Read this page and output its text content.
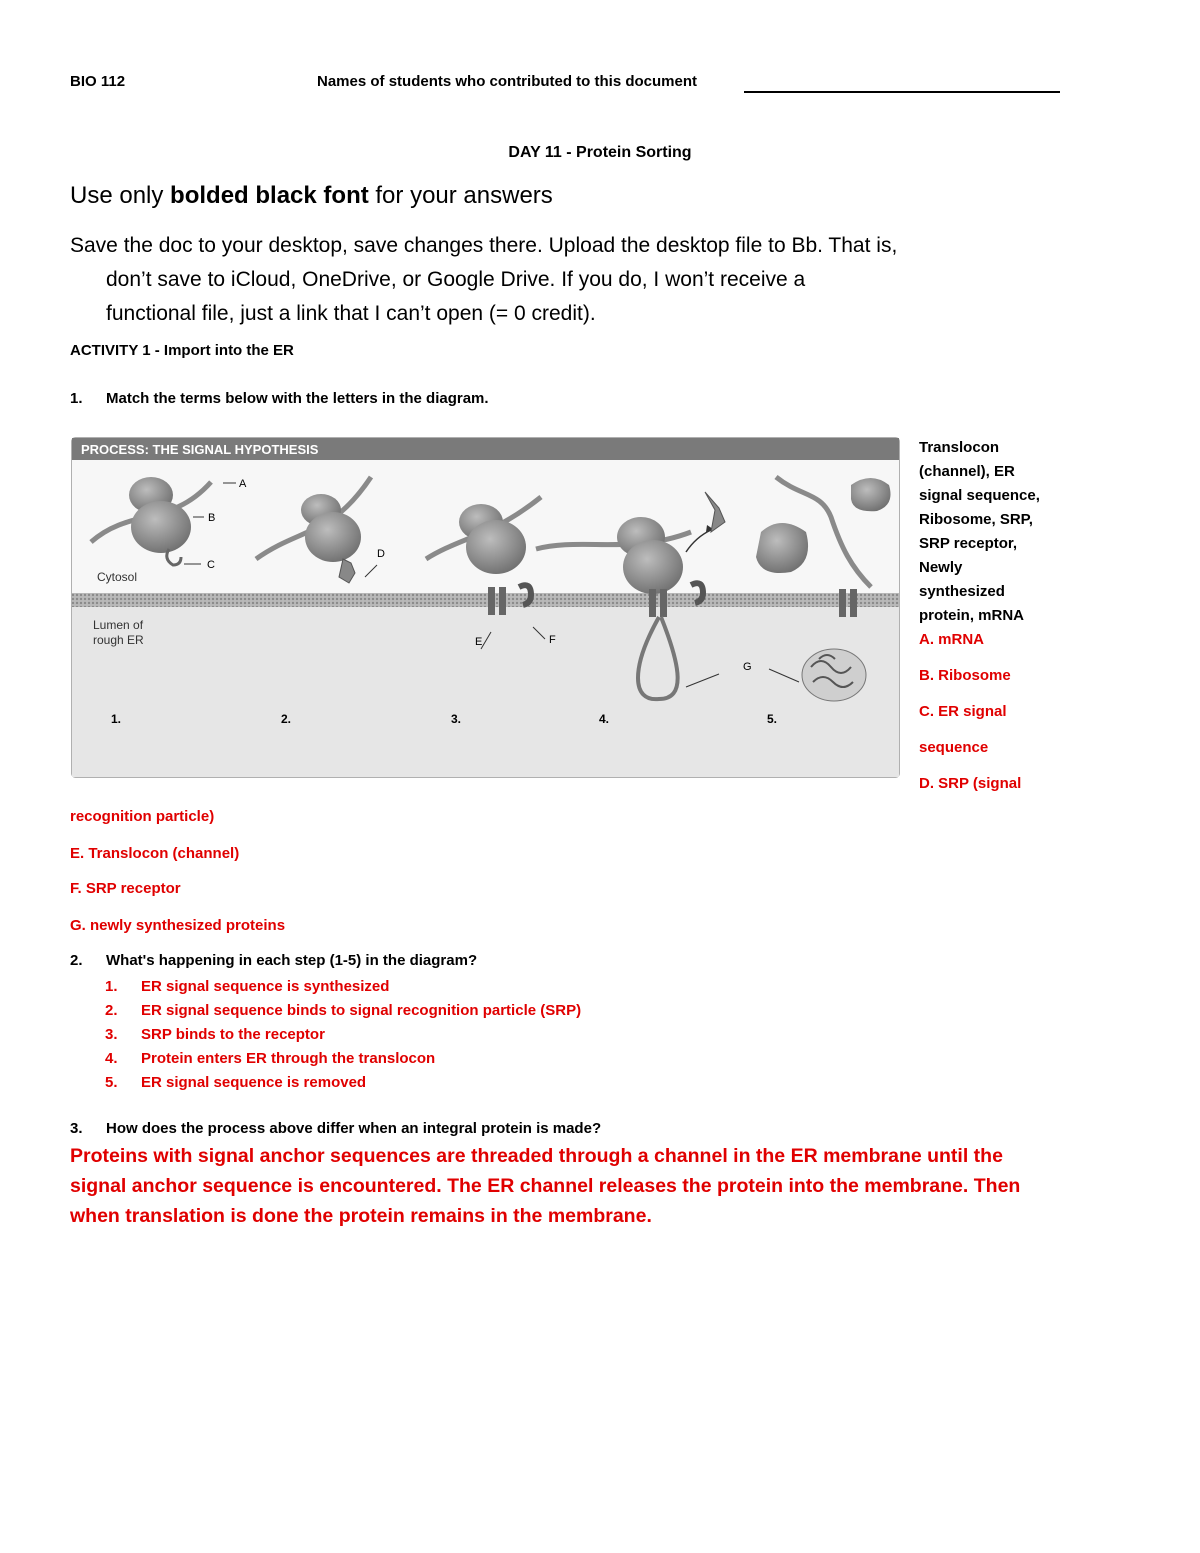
BIO 112	Names of students who contributed to this document
DAY 11 - Protein Sorting
Use only bolded black font for your answers
Save the doc to your desktop, save changes there. Upload the desktop file to Bb. That is,
don’t save to iCloud, OneDrive, or Google Drive. If you do, I won’t receive a
functional file, just a link that I can’t open (= 0 credit).
ACTIVITY 1 - Import into the ER
1. Match the terms below with the letters in the diagram.
PROCESS: THE SIGNAL HYPOTHESIS
Cytosol
Lumen of
rough ER
A
B
C
D
E	F
G
1.	2.	3.	4.	5.
Translocon
(channel), ER
signal sequence,
Ribosome, SRP,
SRP receptor,
Newly
synthesized
protein, mRNA
A. mRNA
B. Ribosome
C. ER signal
sequence
D. SRP (signal
recognition particle)
E. Translocon (channel)
F. SRP receptor
G. newly synthesized proteins
2. What's happening in each step (1-5) in the diagram?
1. ER signal sequence is synthesized
2. ER signal sequence binds to signal recognition particle (SRP)
3. SRP binds to the receptor
4. Protein enters ER through the translocon
5. ER signal sequence is removed
3. How does the process above differ when an integral protein is made?
Proteins with signal anchor sequences are threaded through a channel in the ER membrane until the
signal anchor sequence is encountered. The ER channel releases the protein into the membrane. Then
when translation is done the protein remains in the membrane.
